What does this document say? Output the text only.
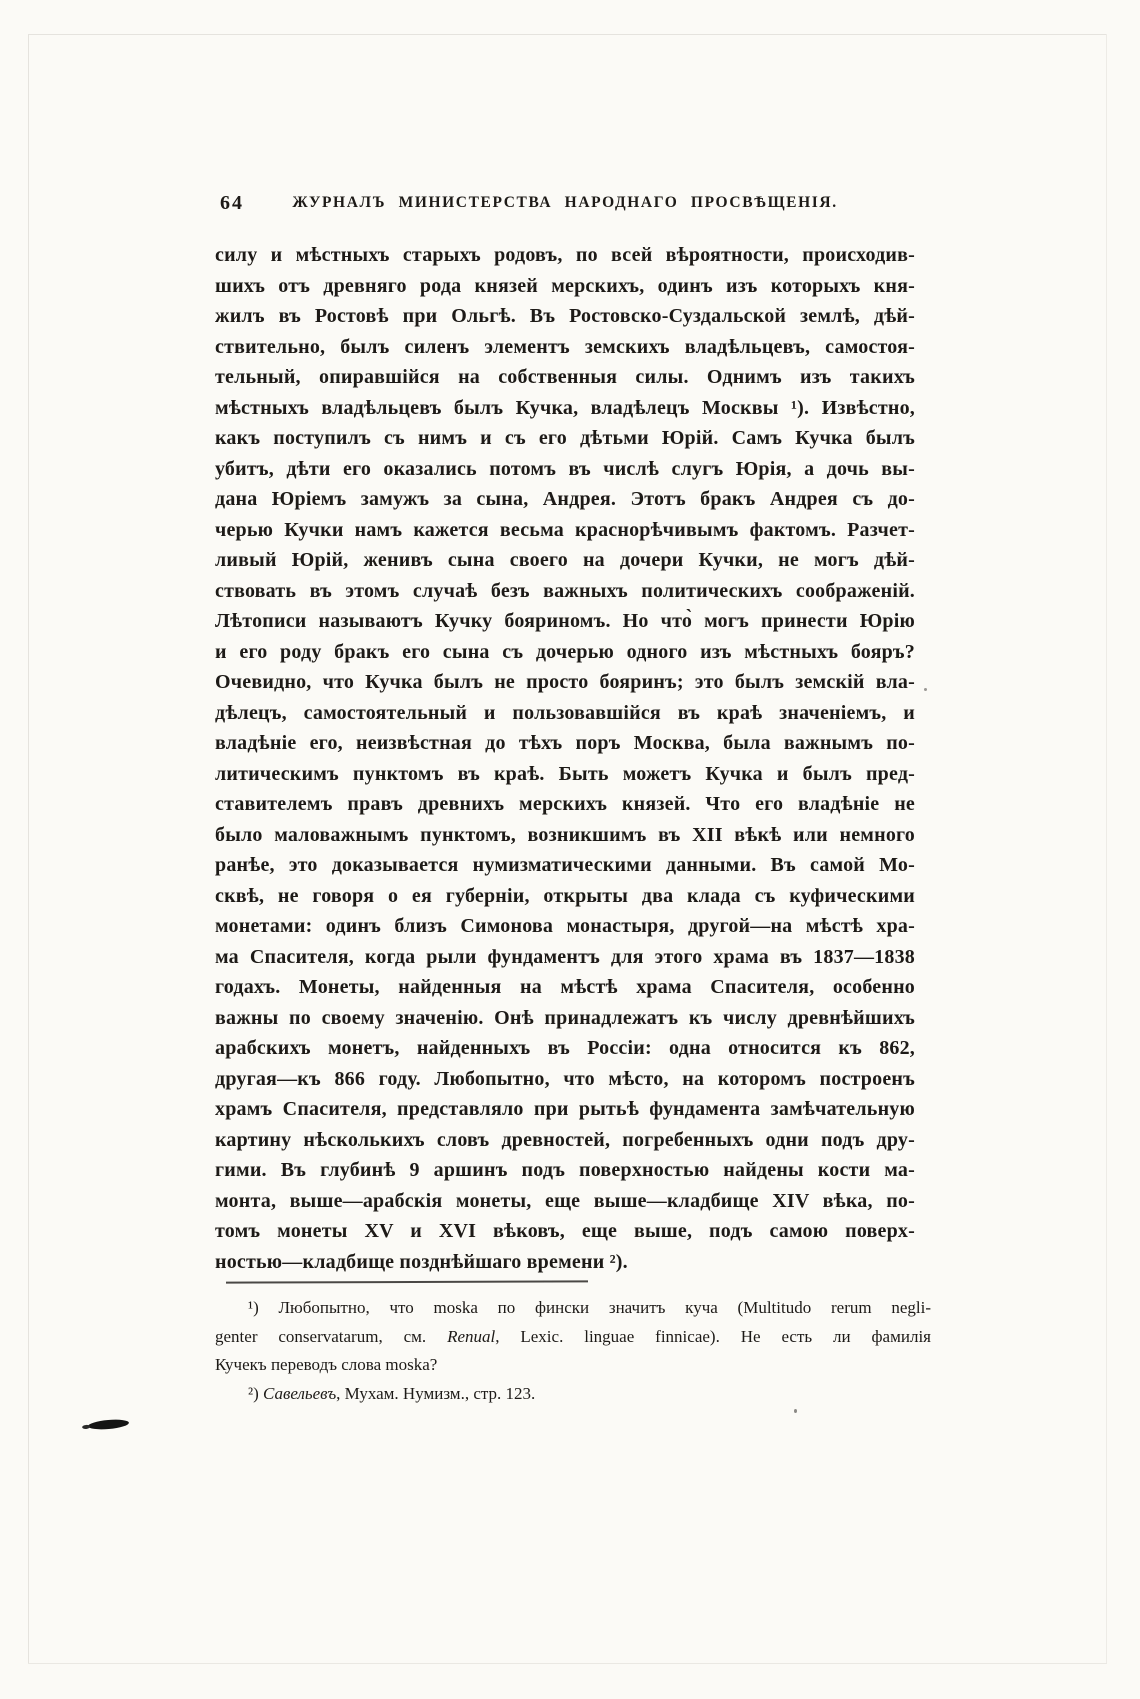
64	ЖУРНАЛЪ МИНИСТЕРСТВА НАРОДНАГО ПРОСВѢЩЕНІЯ.
силу и мѣстныхъ старыхъ родовъ, по всей вѣроятности, происходив-
шихъ отъ древняго рода князей мерскихъ, одинъ изъ которыхъ кня-
жилъ въ Ростовѣ при Ольгѣ. Въ Ростовско-Суздальской землѣ, дѣй-
ствительно, былъ силенъ элементъ земскихъ владѣльцевъ, самостоя-
тельный, опиравшійся на собственныя силы. Однимъ изъ такихъ
мѣстныхъ владѣльцевъ былъ Кучка, владѣлецъ Москвы ¹). Извѣстно,
какъ поступилъ съ нимъ и съ его дѣтьми Юрій. Самъ Кучка былъ
убитъ, дѣти его оказались потомъ въ числѣ слугъ Юрія, а дочь вы-
дана Юріемъ замужъ за сына, Андрея. Этотъ бракъ Андрея съ до-
черью Кучки намъ кажется весьма краснорѣчивымъ фактомъ. Разчет-
ливый Юрій, женивъ сына своего на дочери Кучки, не могъ дѣй-
ствовать въ этомъ случаѣ безъ важныхъ политическихъ соображеній.
Лѣтописи называютъ Кучку бояриномъ. Но что̀ могъ принести Юрію
и его роду бракъ его сына съ дочерью одного изъ мѣстныхъ бояръ?
Очевидно, что Кучка былъ не просто бояринъ; это былъ земскій вла-
дѣлецъ, самостоятельный и пользовавшійся въ краѣ значеніемъ, и
владѣніе его, неизвѣстная до тѣхъ поръ Москва, была важнымъ по-
литическимъ пунктомъ въ краѣ. Быть можетъ Кучка и былъ пред-
ставителемъ правъ древнихъ мерскихъ князей. Что его владѣніе не
было маловажнымъ пунктомъ, возникшимъ въ XII вѣкѣ или немного
ранѣе, это доказывается нумизматическими данными. Въ самой Мо-
сквѣ, не говоря о ея губерніи, открыты два клада съ куфическими
монетами: одинъ близъ Симонова монастыря, другой—на мѣстѣ хра-
ма Спасителя, когда рыли фундаментъ для этого храма въ 1837—1838
годахъ. Монеты, найденныя на мѣстѣ храма Спасителя, особенно
важны по своему значенію. Онѣ принадлежатъ къ числу древнѣйшихъ
арабскихъ монетъ, найденныхъ въ Россіи: одна относится къ 862,
другая—къ 866 году. Любопытно, что мѣсто, на которомъ построенъ
храмъ Спасителя, представляло при рытьѣ фундамента замѣчательную
картину нѣсколькихъ словъ древностей, погребенныхъ одни подъ дру-
гими. Въ глубинѣ 9 аршинъ подъ поверхностью найдены кости ма-
монта, выше—арабскія монеты, еще выше—кладбище XIV вѣка, по-
томъ монеты XV и XVI вѣковъ, еще выше, подъ самою поверх-
ностью—кладбище позднѣйшаго времени ²).
¹) Любопытно, что moska по фински значитъ куча (Multitudo rerum negli-
genter conservatarum, см. Renual, Lexic. linguae finnicae). Не есть ли фамилія
Кучекъ переводъ слова moska?
²) Савельевъ, Мухам. Нумизм., стр. 123.
